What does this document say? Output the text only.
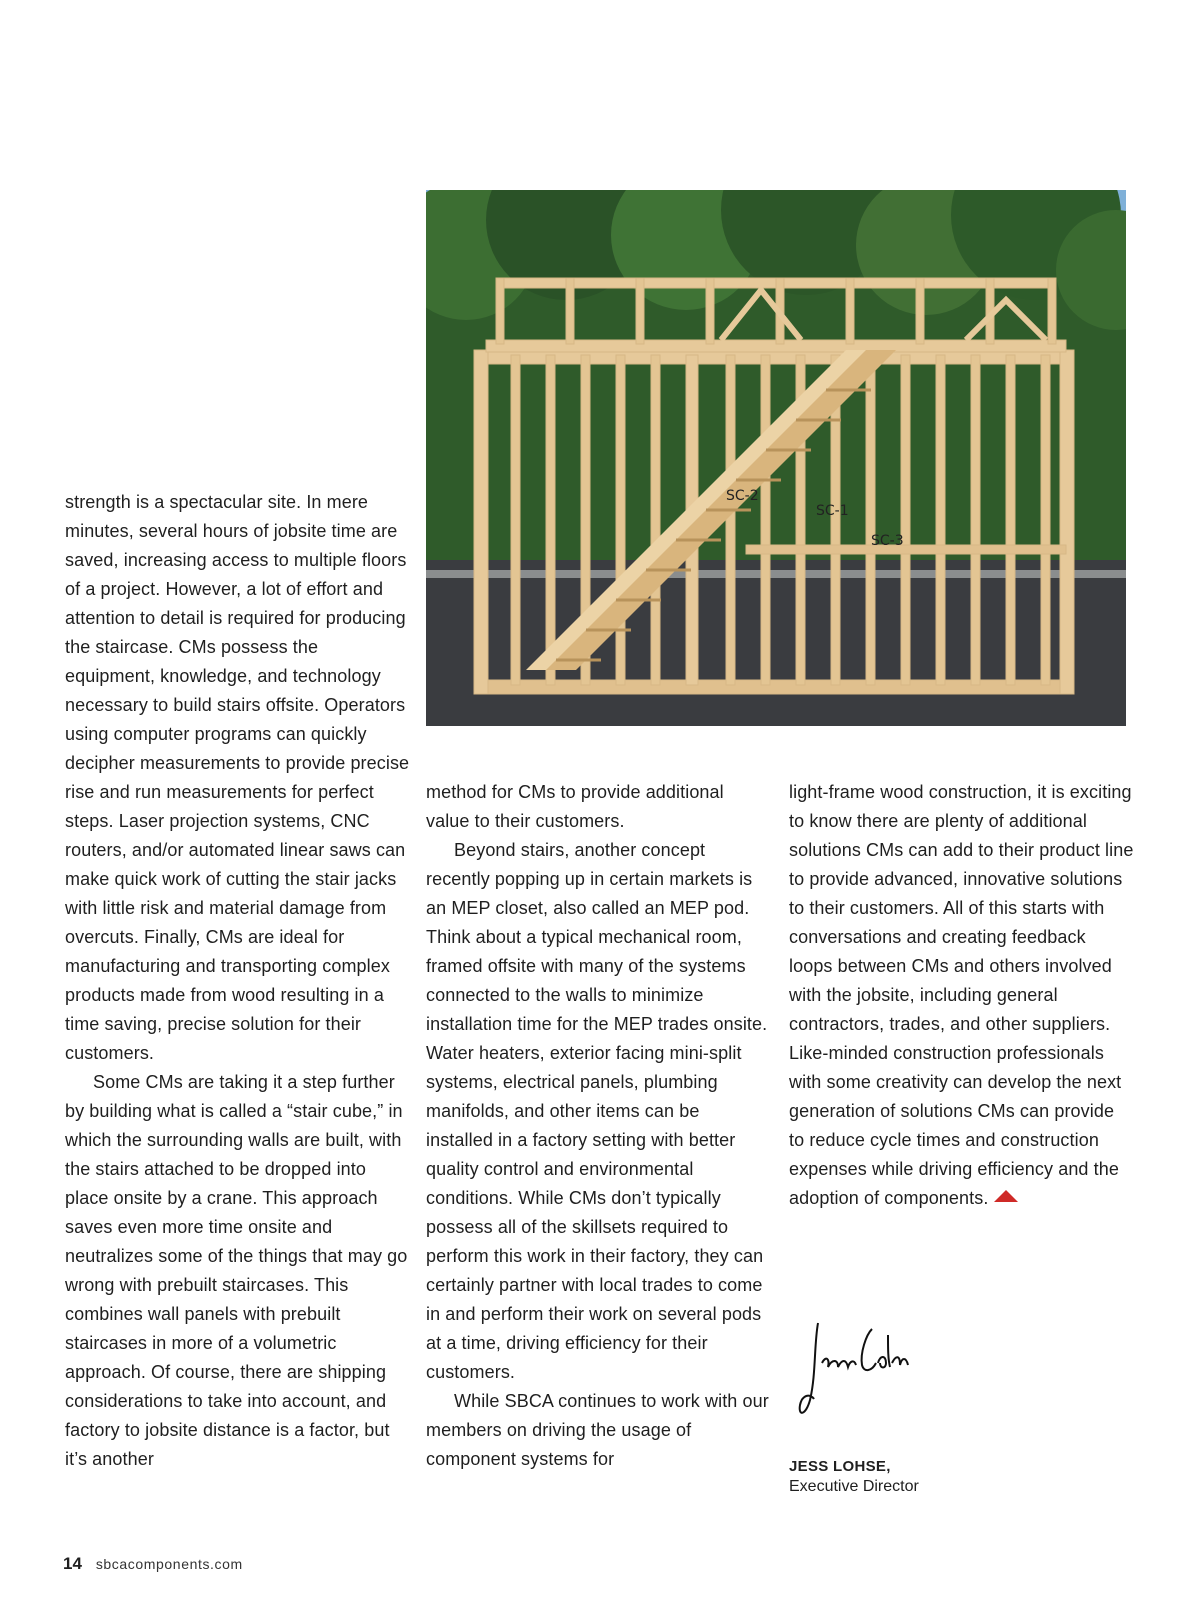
SC-2
SC-1
SC-3

strength is a spectacular site. In mere minutes, several hours of jobsite time are saved, increasing access to multiple floors of a project. However, a lot of effort and attention to detail is required for producing the staircase. CMs possess the equipment, knowledge, and technology necessary to build stairs offsite. Operators using computer programs can quickly decipher measurements to provide precise rise and run measurements for perfect steps. Laser projection systems, CNC routers, and/or automated linear saws can make quick work of cutting the stair jacks with little risk and material damage from overcuts. Finally, CMs are ideal for manufacturing and transporting complex products made from wood resulting in a time saving, precise solution for their customers.

Some CMs are taking it a step further by building what is called a “stair cube,” in which the surrounding walls are built, with the stairs attached to be dropped into place onsite by a crane. This approach saves even more time onsite and neutralizes some of the things that may go wrong with prebuilt staircases. This combines wall panels with prebuilt staircases in more of a volumetric approach. Of course, there are shipping considerations to take into account, and factory to jobsite distance is a factor, but it’s another

method for CMs to provide additional value to their customers.

Beyond stairs, another concept recently popping up in certain markets is an MEP closet, also called an MEP pod. Think about a typical mechanical room, framed offsite with many of the systems connected to the walls to minimize installation time for the MEP trades onsite. Water heaters, exterior facing mini-split systems, electrical panels, plumbing manifolds, and other items can be installed in a factory setting with better quality control and environmental conditions. While CMs don’t typically possess all of the skillsets required to perform this work in their factory, they can certainly partner with local trades to come in and perform their work on several pods at a time, driving efficiency for their customers.

While SBCA continues to work with our members on driving the usage of component systems for

light-frame wood construction, it is exciting to know there are plenty of additional solutions CMs can add to their product line to provide advanced, innovative solutions to their customers. All of this starts with conversations and creating feedback loops between CMs and others involved with the jobsite, including general contractors, trades, and other suppliers. Like-minded construction professionals with some creativity can develop the next generation of solutions CMs can provide to reduce cycle times and construction expenses while driving efficiency and the adoption of components.

JESS LOHSE,
Executive Director
14 sbcacomponents.com
